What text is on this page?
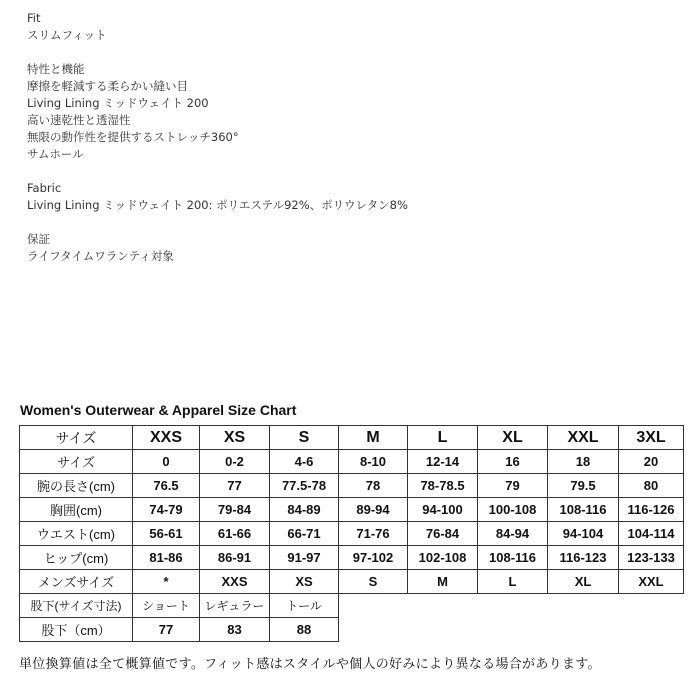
Fit
スリムフィット
特性と機能
摩擦を軽減する柔らかい縫い目
Living Lining ミッドウェイト 200
高い速乾性と透湿性
無限の動作性を提供するストレッチ360°
サムホール
Fabric
Living Lining ミッドウェイト 200: ポリエステル92%、ポリウレタン8%
保証
ライフタイムワランティ対象
Women's Outerwear & Apparel Size Chart
サイズ	XXS	XS	S	M	L	XL	XXL	3XL
サイズ	0	0-2	4-6	8-10	12-14	16	18	20
腕の長さ(cm)	76.5	77	77.5-78	78	78-78.5	79	79.5	80
胸囲(cm)	74-79	79-84	84-89	89-94	94-100	100-108	108-116	116-126
ウエスト(cm)	56-61	61-66	66-71	71-76	76-84	84-94	94-104	104-114
ヒップ(cm)	81-86	86-91	91-97	97-102	102-108	108-116	116-123	123-133
メンズサイズ	*	XXS	XS	S	M	L	XL	XXL
股下(サイズ寸法)	ショート	レギュラー	トール					
股下（cm）	77	83	88					
単位換算値は全て概算値です。フィット感はスタイルや個人の好みにより異なる場合があります。
